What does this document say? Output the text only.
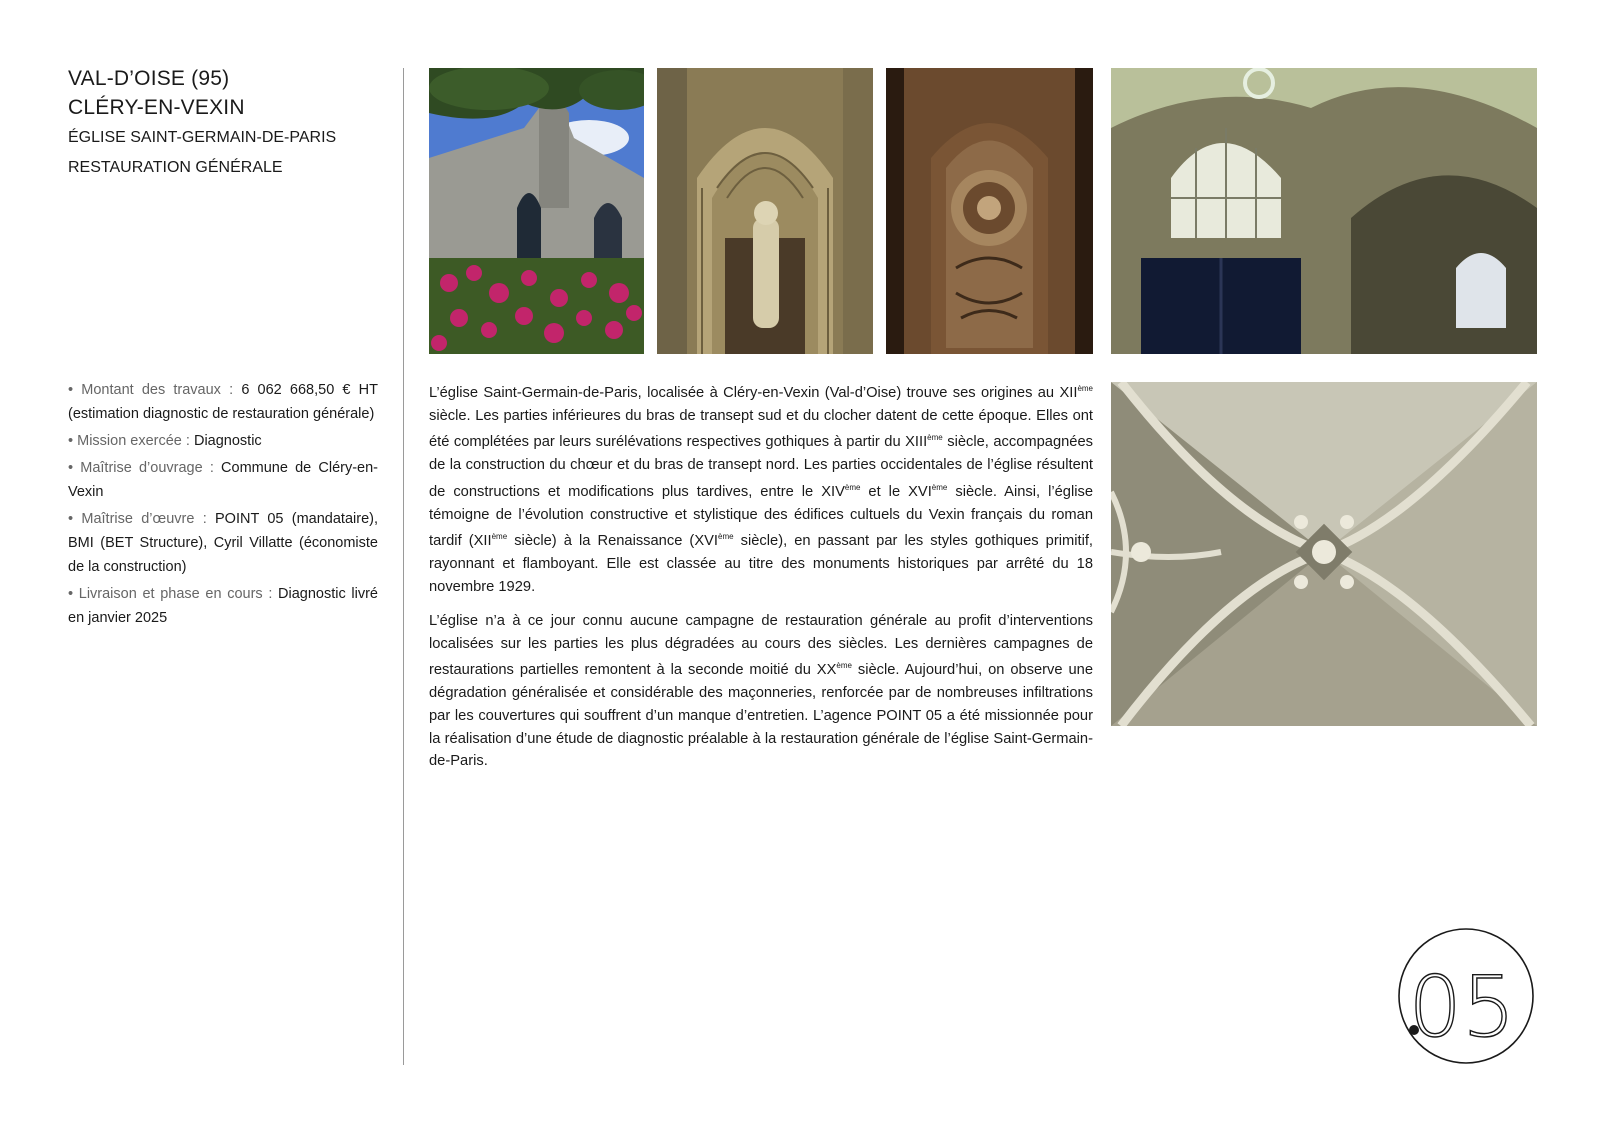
VAL-D’OISE (95)
CLÉRY-EN-VEXIN
ÉGLISE SAINT-GERMAIN-DE-PARIS
RESTAURATION GÉNÉRALE
• Montant des travaux : 6 062 668,50 € HT (estimation diagnostic de restauration générale)
• Mission exercée : Diagnostic
• Maîtrise d’ouvrage : Commune de Cléry-en-Vexin
• Maîtrise d’œuvre : POINT 05 (mandataire), BMI (BET Structure), Cyril Villatte (économiste de la construction)
• Livraison et phase en cours : Diagnostic livré en janvier 2025

L’église Saint-Germain-de-Paris, localisée à Cléry-en-Vexin (Val-d’Oise) trouve ses origines au XIIème siècle. Les parties inférieures du bras de transept sud et du clocher datent de cette époque. Elles ont été complétées par leurs surélévations respectives gothiques à partir du XIIIème siècle, accompagnées de la construction du chœur et du bras de transept nord. Les parties occidentales de l’église résultent de constructions et modifications plus tardives, entre le XIVème et le XVIème siècle. Ainsi, l’église témoigne de l’évolution constructive et stylistique des édifices cultuels du Vexin français du roman tardif (XIIème siècle) à la Renaissance (XVIème siècle), en passant par les styles gothiques primitif, rayonnant et flamboyant. Elle est classée au titre des monuments historiques par arrêté du 18 novembre 1929.

L’église n’a à ce jour connu aucune campagne de restauration générale au profit d’interventions localisées sur les parties les plus dégradées au cours des siècles. Les dernières campagnes de restaurations partielles remontent à la seconde moitié du XXème siècle. Aujourd’hui, on observe une dégradation généralisée et considérable des maçonneries, renforcée par de nombreuses infiltrations par les couvertures qui souffrent d’un manque d’entretien. L’agence POINT 05 a été missionnée pour la réalisation d’une étude de diagnostic préalable à la restauration générale de l’église Saint-Germain-de-Paris.

05
